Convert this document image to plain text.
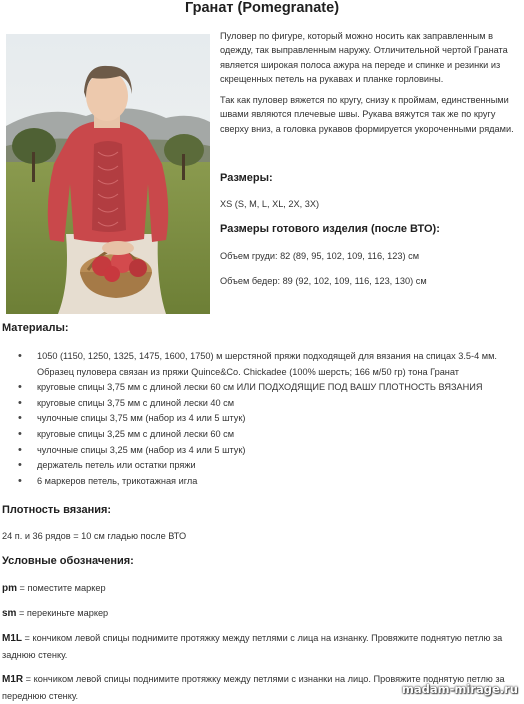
Гранат (Pomegranate)

Пуловер по фигуре, который можно носить как заправленным в одежду, так выправленным наружу. Отличительной чертой Граната является широкая полоса ажура на переде и спинке и резинки из скрещенных петель на рукавах и планке горловины.

Так как пуловер вяжется по кругу, снизу к проймам, единственными швами являются плечевые швы. Рукава вяжутся так же по кругу сверху вниз, а головка рукавов формируется укороченными рядами.

Размеры:
XS (S, M, L, XL, 2X, 3X)
Размеры готового изделия (после ВТО):
Объем груди: 82 (89, 95, 102, 109, 116, 123) см
Объем бедер: 89 (92, 102, 109, 116, 123, 130) см
Материалы:
• 1050 (1150, 1250, 1325, 1475, 1600, 1750) м шерстяной пряжи подходящей для вязания на спицах 3.5-4 мм. Образец пуловера связан из пряжи Quince&Co. Chickadee (100% шерсть; 166 м/50 гр) тона Гранат
• круговые спицы 3,75 мм с длиной лески 60 см ИЛИ ПОДХОДЯЩИЕ ПОД ВАШУ ПЛОТНОСТЬ ВЯЗАНИЯ
• круговые спицы 3,75 мм с длиной лески 40 см
• чулочные спицы 3,75 мм (набор из 4 или 5 штук)
• круговые спицы 3,25 мм с длиной лески 60 см
• чулочные спицы 3,25 мм (набор из 4 или 5 штук)
• держатель петель или остатки пряжи
• 6 маркеров петель, трикотажная игла
Плотность вязания:
24 п. и 36 рядов = 10 см гладью после ВТО
Условные обозначения:
pm = поместите маркер
sm = перекиньте маркер
M1L = кончиком левой спицы поднимите протяжку между петлями с лица на изнанку. Провяжите поднятую петлю за заднюю стенку.
M1R = кончиком левой спицы поднимите протяжку между петлями с изнанки на лицо. Провяжите поднятую петлю за переднюю стенку.	madam-mirage.ru
